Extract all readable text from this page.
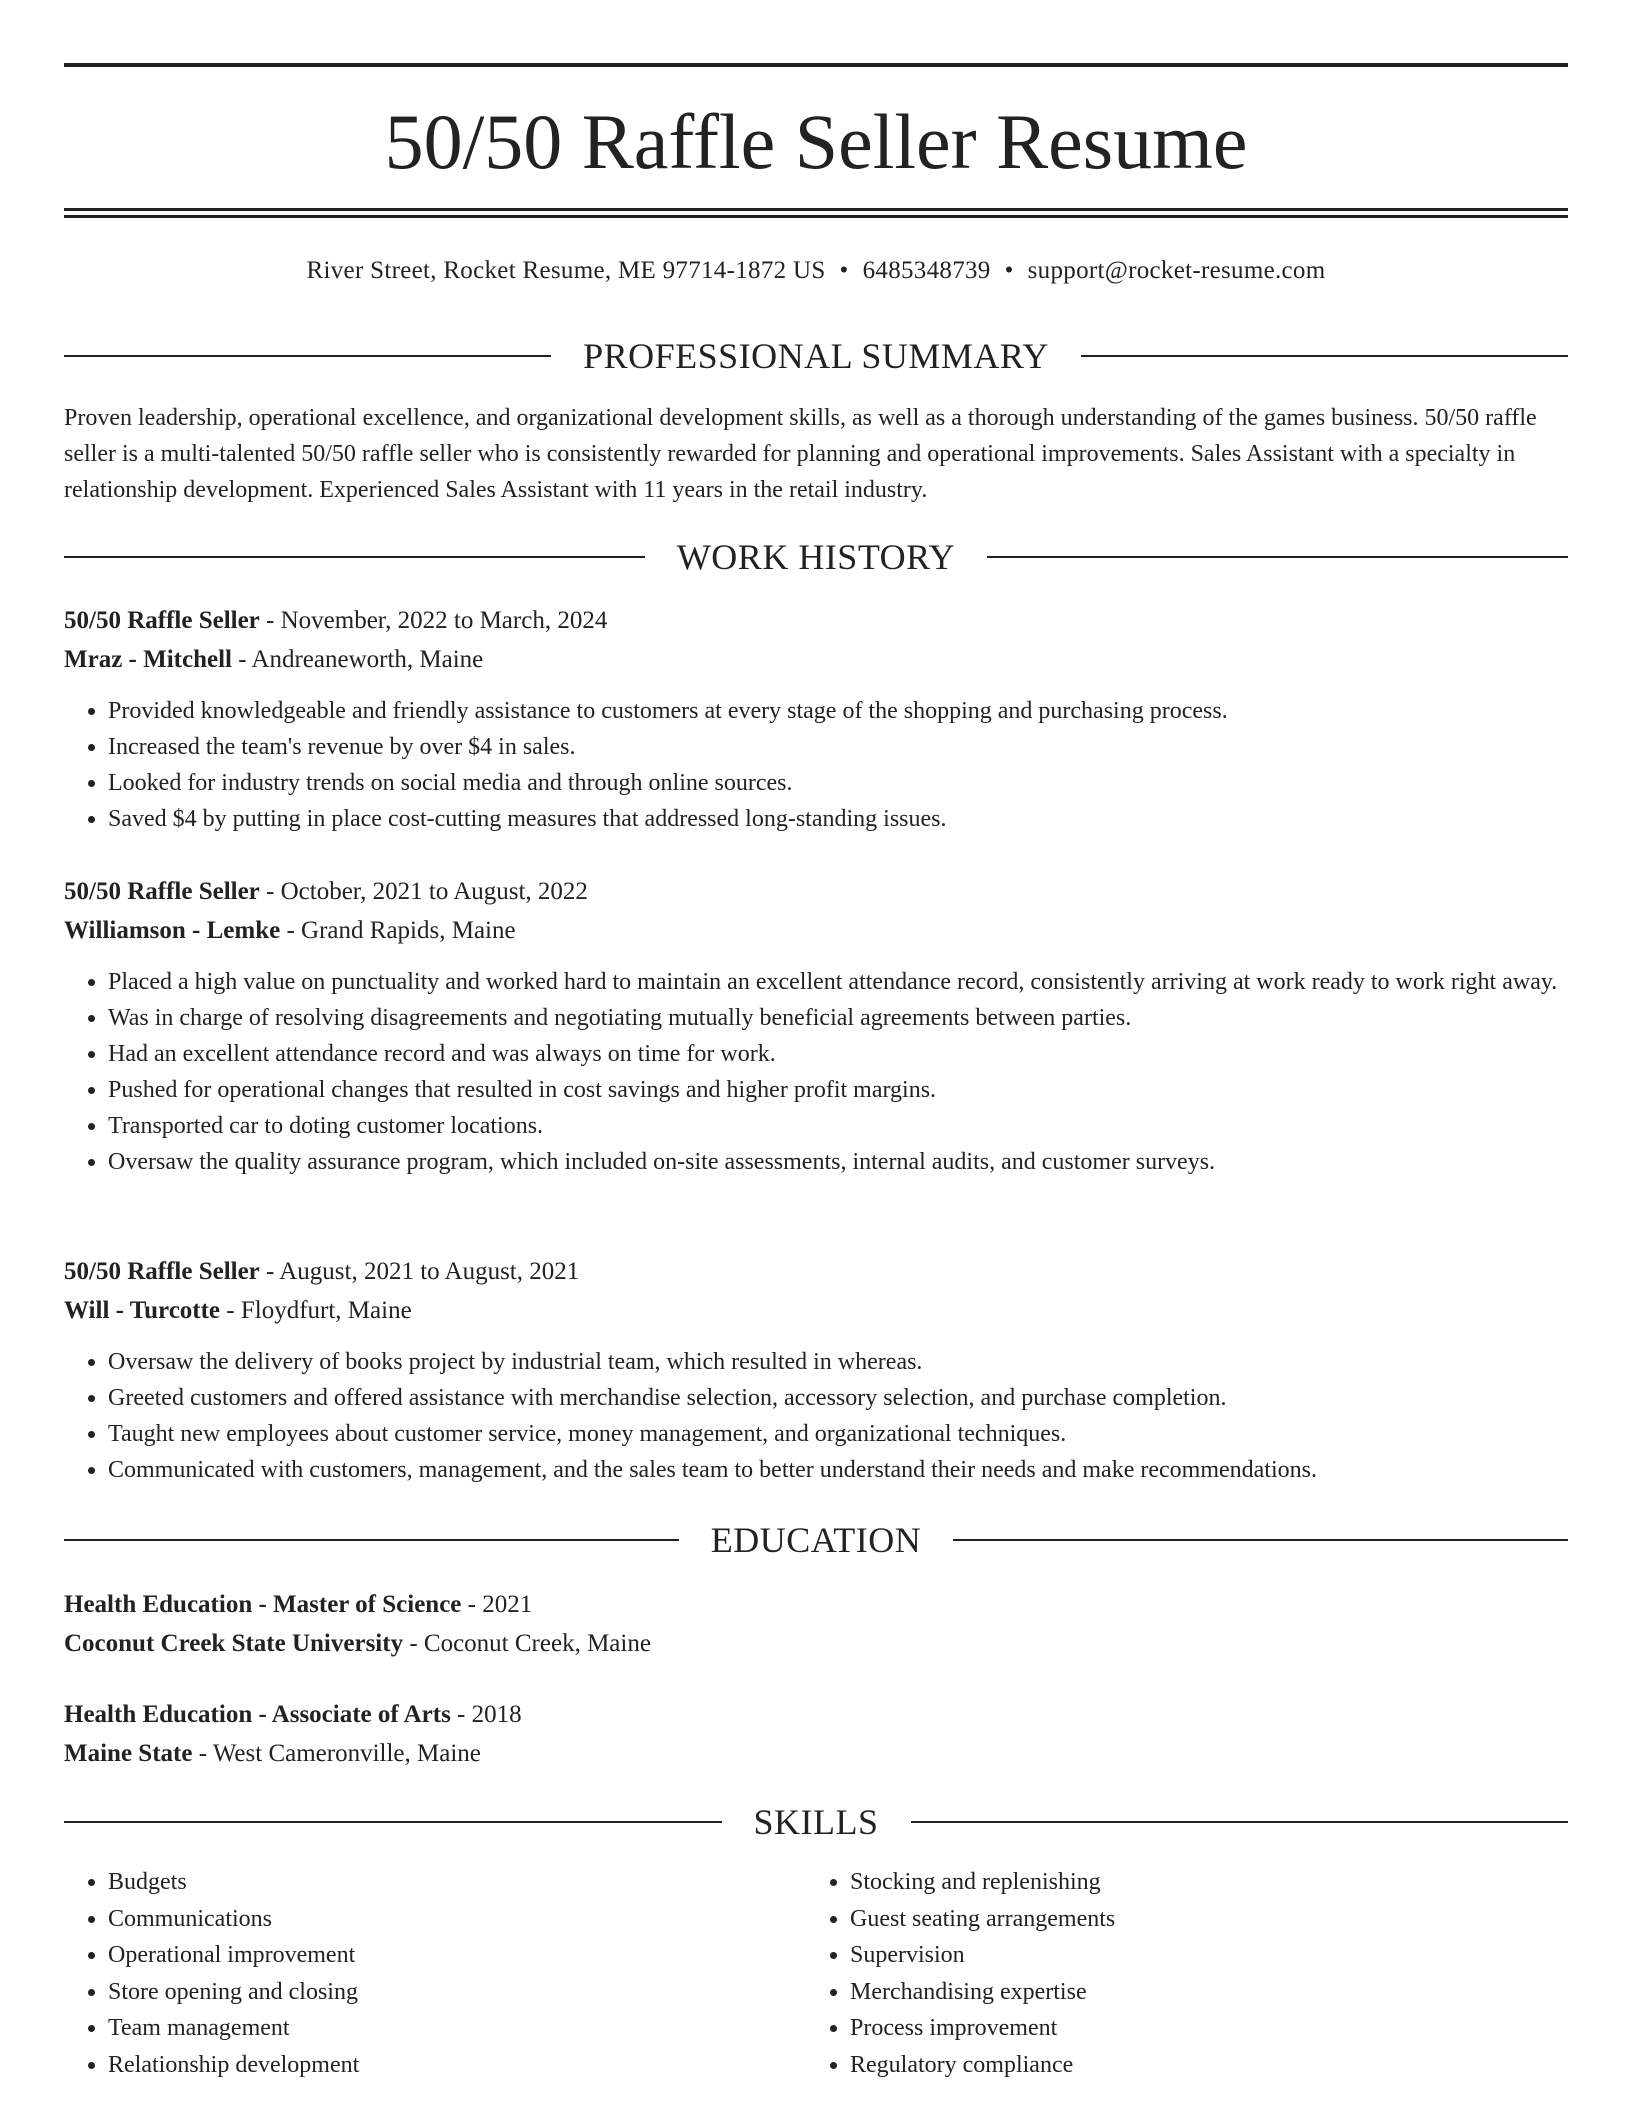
50/50 Raffle Seller Resume
River Street, Rocket Resume, ME 97714-1872 US • 6485348739 • support@rocket-resume.com
PROFESSIONAL SUMMARY
Proven leadership, operational excellence, and organizational development skills, as well as a thorough understanding of the games business. 50/50 raffle seller is a multi-talented 50/50 raffle seller who is consistently rewarded for planning and operational improvements. Sales Assistant with a specialty in relationship development. Experienced Sales Assistant with 11 years in the retail industry.
WORK HISTORY
50/50 Raffle Seller - November, 2022 to March, 2024
Mraz - Mitchell - Andreaneworth, Maine
• Provided knowledgeable and friendly assistance to customers at every stage of the shopping and purchasing process.
• Increased the team's revenue by over $4 in sales.
• Looked for industry trends on social media and through online sources.
• Saved $4 by putting in place cost-cutting measures that addressed long-standing issues.
50/50 Raffle Seller - October, 2021 to August, 2022
Williamson - Lemke - Grand Rapids, Maine
• Placed a high value on punctuality and worked hard to maintain an excellent attendance record, consistently arriving at work ready to work right away.
• Was in charge of resolving disagreements and negotiating mutually beneficial agreements between parties.
• Had an excellent attendance record and was always on time for work.
• Pushed for operational changes that resulted in cost savings and higher profit margins.
• Transported car to doting customer locations.
• Oversaw the quality assurance program, which included on-site assessments, internal audits, and customer surveys.
50/50 Raffle Seller - August, 2021 to August, 2021
Will - Turcotte - Floydfurt, Maine
• Oversaw the delivery of books project by industrial team, which resulted in whereas.
• Greeted customers and offered assistance with merchandise selection, accessory selection, and purchase completion.
• Taught new employees about customer service, money management, and organizational techniques.
• Communicated with customers, management, and the sales team to better understand their needs and make recommendations.
EDUCATION
Health Education - Master of Science - 2021
Coconut Creek State University - Coconut Creek, Maine
Health Education - Associate of Arts - 2018
Maine State - West Cameronville, Maine
SKILLS
• Budgets
• Communications
• Operational improvement
• Store opening and closing
• Team management
• Relationship development
• Stocking and replenishing
• Guest seating arrangements
• Supervision
• Merchandising expertise
• Process improvement
• Regulatory compliance
